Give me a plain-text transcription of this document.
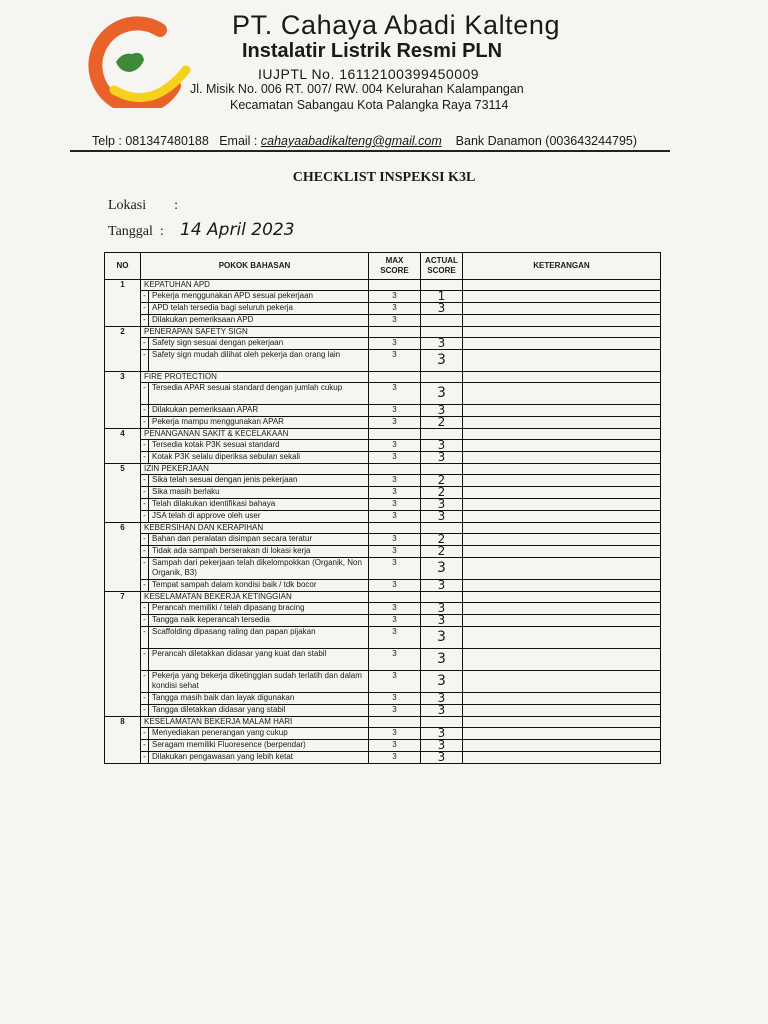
PT. Cahaya Abadi Kalteng
Instalatir Listrik Resmi PLN
IUJPTL No. 16112100399450009
Jl. Misik No. 006 RT. 007/ RW. 004 Kelurahan Kalampangan
Kecamatan Sabangau Kota Palangka Raya 73114
Telp : 081347480188 Email : cahayaabadikalteng@gmail.com Bank Danamon (003643244795)
CHECKLIST INSPEKSI K3L
Lokasi :
Tanggal : 14 April 2023
NO	POKOK BAHASAN		MAX SCORE	ACTUAL SCORE	KETERANGAN
1	KEPATUHAN APD				
	-	Pekerja menggunakan APD sesuai pekerjaan	3	1	
	-	APD telah tersedia bagi seluruh pekerja	3	3	
	-	Dilakukan pemeriksaan APD	3		
2	PENERAPAN SAFETY SIGN				
	-	Safety sign sesuai dengan pekerjaan	3	3	
	-	Safety sign mudah dilihat oleh pekerja dan orang lain	3	3	
3	FIRE PROTECTION				
	-	Tersedia APAR sesuai standard dengan jumlah cukup	3	3	
	-	Dilakukan pemeriksaan APAR	3	3	
	-	Pekerja mampu menggunakan APAR	3	2	
4	PENANGANAN SAKIT & KECELAKAAN				
	-	Tersedia kotak P3K sesuai standard	3	3	
	-	Kotak P3K selalu diperiksa sebulan sekali	3	3	
5	IZIN PEKERJAAN				
	-	Sika telah sesuai dengan jenis pekerjaan	3	2	
	-	Sika masih berlaku	3	2	
	-	Telah dilakukan identifikasi bahaya	3	3	
	-	JSA telah di approve oleh user	3	3	
6	KEBERSIHAN DAN KERAPIHAN				
	-	Bahan dan peralatan disimpan secara teratur	3	2	
	-	Tidak ada sampah berserakan di lokasi kerja	3	2	
	-	Sampah dari pekerjaan telah dikelompokkan (Organik, Non Organik, B3)	3	3	
	-	Tempat sampah dalam kondisi baik / tdk bocor	3	3	
7	KESELAMATAN BEKERJA KETINGGIAN				
	-	Perancah memiliki / telah dipasang bracing	3	3	
	-	Tangga naik keperancah tersedia	3	3	
	-	Scaffolding dipasang raling dan papan pijakan	3	3	
	-	Perancah diletakkan didasar yang kuat dan stabil	3	3	
	-	Pekerja yang bekerja diketinggian sudah terlatih dan dalam kondisi sehat	3	3	
	-	Tangga masih baik dan layak digunakan	3	3	
	-	Tangga diletakkan didasar yang stabil	3	3	
8	KESELAMATAN BEKERJA MALAM HARI				
	-	Menyediakan penerangan yang cukup	3	3	
	-	Seragam memiliki Fluoresence (berpendar)	3	3	
	-	Dilakukan pengawasan yang lebih ketat	3	3	
